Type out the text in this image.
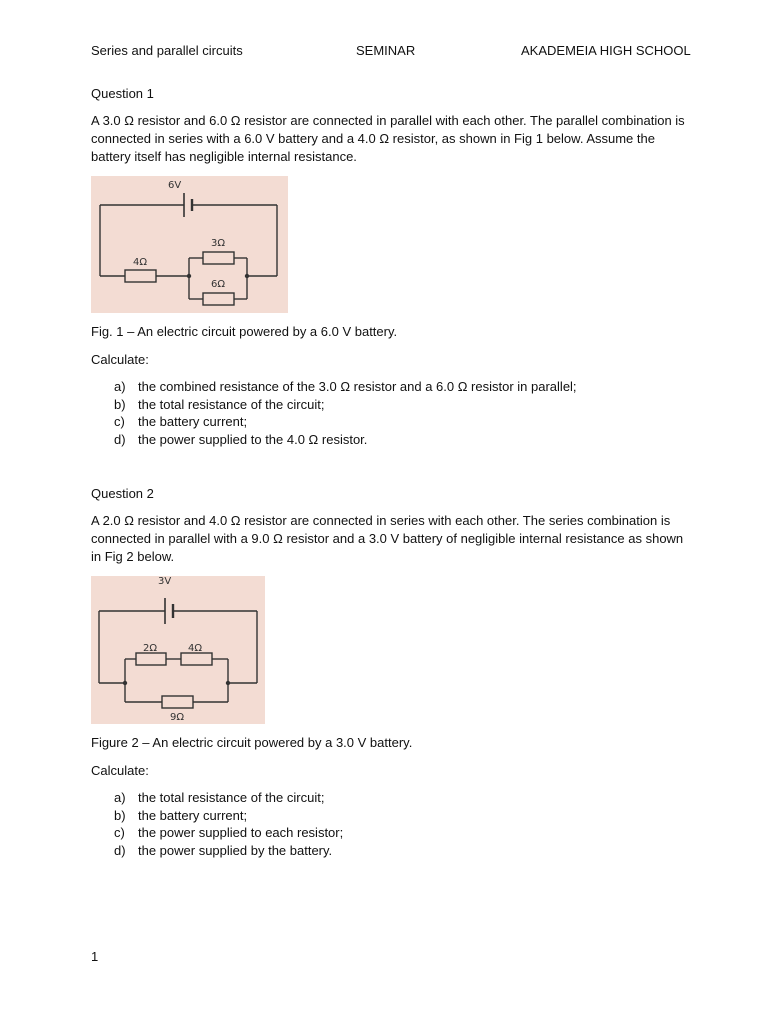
Series and parallel circuits	SEMINAR	AKADEMEIA HIGH SCHOOL
Question 1
A 3.0 Ω resistor and 6.0 Ω resistor are connected in parallel with each other. The parallel combination is connected in series with a 6.0 V battery and a 4.0 Ω resistor, as shown in Fig 1 below. Assume the battery itself has negligible internal resistance.
6V
4Ω
3Ω
6Ω
Fig. 1 – An electric circuit powered by a 6.0 V battery.
Calculate:
a) the combined resistance of the 3.0 Ω resistor and a 6.0 Ω resistor in parallel;
b) the total resistance of the circuit;
c) the battery current;
d) the power supplied to the 4.0 Ω resistor.
Question 2
A 2.0 Ω resistor and 4.0 Ω resistor are connected in series with each other. The series combination is connected in parallel with a 9.0 Ω resistor and a 3.0 V battery of negligible internal resistance as shown in Fig 2 below.
3V
2Ω	4Ω
9Ω
Figure 2 – An electric circuit powered by a 3.0 V battery.
Calculate:
a) the total resistance of the circuit;
b) the battery current;
c) the power supplied to each resistor;
d) the power supplied by the battery.
1
